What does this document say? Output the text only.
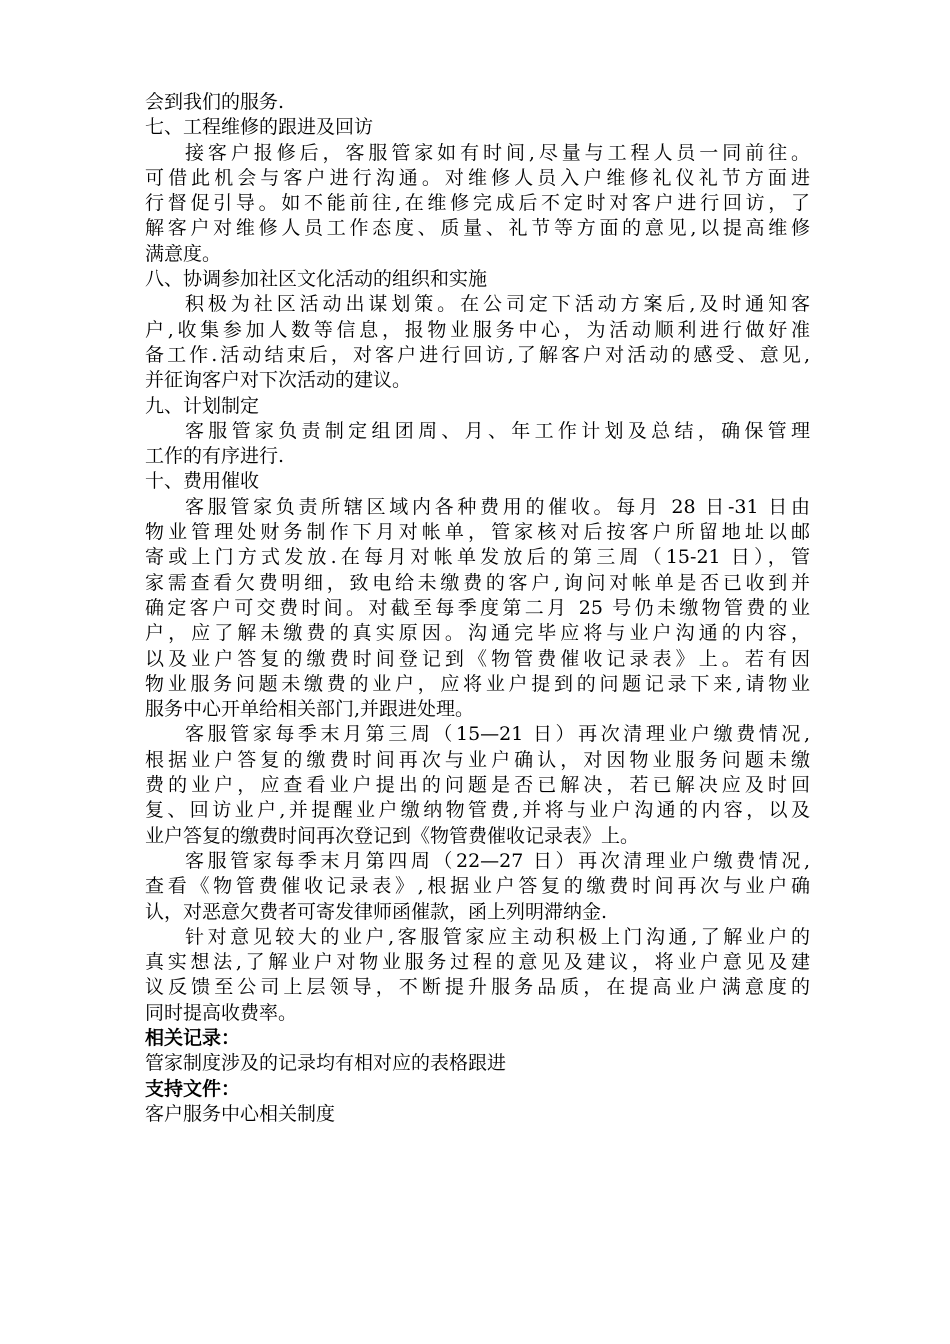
会到我们的服务.
七、工程维修的跟进及回访
接客户报修后，客服管家如有时间,尽量与工程人员一同前往。
可借此机会与客户进行沟通。对维修人员入户维修礼仪礼节方面进
行督促引导。如不能前往,在维修完成后不定时对客户进行回访，了
解客户对维修人员工作态度、质量、礼节等方面的意见,以提高维修
满意度。
八、协调参加社区文化活动的组织和实施
积极为社区活动出谋划策。在公司定下活动方案后,及时通知客
户,收集参加人数等信息，报物业服务中心，为活动顺利进行做好准
备工作.活动结束后，对客户进行回访,了解客户对活动的感受、意见,
并征询客户对下次活动的建议。
九、计划制定
客服管家负责制定组团周、月、年工作计划及总结，确保管理
工作的有序进行.
十、费用催收
客服管家负责所辖区域内各种费用的催收。每月 28 日-31 日由
物业管理处财务制作下月对帐单，管家核对后按客户所留地址以邮
寄或上门方式发放.在每月对帐单发放后的第三周（15-21 日），管
家需查看欠费明细，致电给未缴费的客户,询问对帐单是否已收到并
确定客户可交费时间。对截至每季度第二月 25 号仍未缴物管费的业
户，应了解未缴费的真实原因。沟通完毕应将与业户沟通的内容，
以及业户答复的缴费时间登记到《物管费催收记录表》上。若有因
物业服务问题未缴费的业户，应将业户提到的问题记录下来,请物业
服务中心开单给相关部门,并跟进处理。
客服管家每季末月第三周（15—21 日）再次清理业户缴费情况,
根据业户答复的缴费时间再次与业户确认，对因物业服务问题未缴
费的业户，应查看业户提出的问题是否已解决，若已解决应及时回
复、回访业户,并提醒业户缴纳物管费,并将与业户沟通的内容，以及
业户答复的缴费时间再次登记到《物管费催收记录表》上。
客服管家每季末月第四周（22—27 日）再次清理业户缴费情况,
查看《物管费催收记录表》,根据业户答复的缴费时间再次与业户确
认，对恶意欠费者可寄发律师函催款，函上列明滞纳金.
针对意见较大的业户,客服管家应主动积极上门沟通,了解业户的
真实想法,了解业户对物业服务过程的意见及建议，将业户意见及建
议反馈至公司上层领导，不断提升服务品质，在提高业户满意度的
同时提高收费率。
相关记录：
管家制度涉及的记录均有相对应的表格跟进
支持文件：
客户服务中心相关制度
